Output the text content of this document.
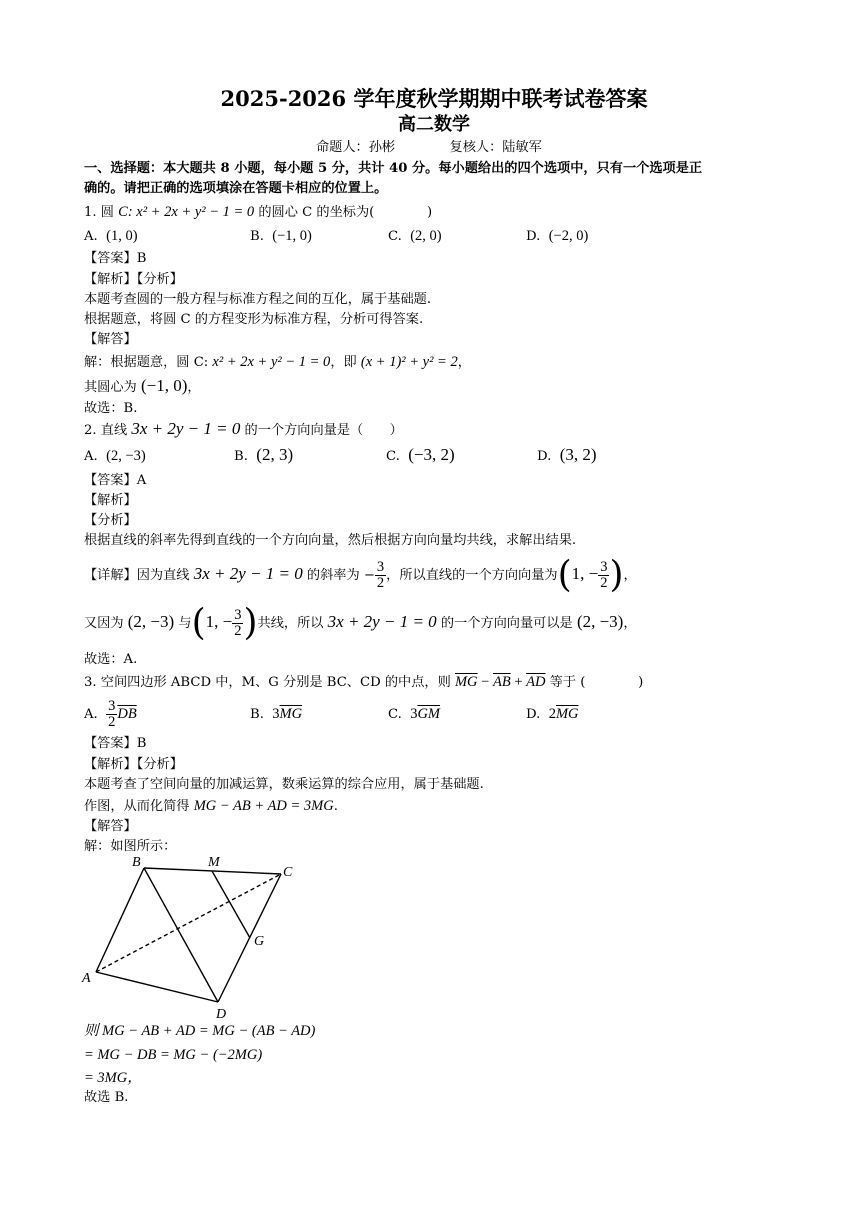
2025-2026 学年度秋学期期中联考试卷答案
高二数学
命题人：孙彬	复核人：陆敏军
一、选择题：本大题共 8 小题，每小题 5 分，共计 40 分。每小题给出的四个选项中，只有一个选项是正
确的。请把正确的选项填涂在答题卡相应的位置上。
1. 圆 C: x² + 2x + y² − 1 = 0 的圆心 C 的坐标为(　　　　)
A. (1, 0)	B. (−1, 0)	C. (2, 0)	D. (−2, 0)
【答案】B
【解析】【分析】
本题考查圆的一般方程与标准方程之间的互化，属于基础题.
根据题意，将圆 C 的方程变形为标准方程，分析可得答案.
【解答】
解：根据题意，圆 C: x² + 2x + y² − 1 = 0，即 (x + 1)² + y² = 2，
其圆心为 (−1, 0)，
故选：B.
2. 直线 3x + 2y − 1 = 0 的一个方向向量是（　　）
A. (2, −3)	B. (2, 3)	C. (−3, 2)	D. (3, 2)
【答案】A
【解析】
【分析】
根据直线的斜率先得到直线的一个方向向量，然后根据方向向量均共线，求解出结果.
【详解】因为直线 3x + 2y − 1 = 0 的斜率为 − $\frac{3}{2}$ ，所以直线的一个方向向量为(1, − $\frac{3}{2}$ )，
又因为 (2, −3) 与(1, − $\frac{3}{2}$ )共线，所以 3x + 2y − 1 = 0 的一个方向向量可以是 (2, −3)，
故选：A.
3. 空间四边形 ABCD 中，M、G 分别是 BC、CD 的中点，则 $\overline{MG} - \overline{AB} + \overline{AD}$ 等于 (　　　　)
A. $\frac{3}{2} \overline{DB}$	B. $3\overline{MG}$	C. $3\overline{GM}$	D. $2\overline{MG}$
【答案】B
【解析】【分析】
本题考查了空间向量的加减运算，数乘运算的综合应用，属于基础题.
作图，从而化简得 MG − AB + AD = 3MG.
【解答】
解：如图所示：
B	M
C
G
A
D
则 MG − AB + AD = MG − (AB − AD)
= MG − DB = MG − (−2MG)
= 3MG，
故选 B.
